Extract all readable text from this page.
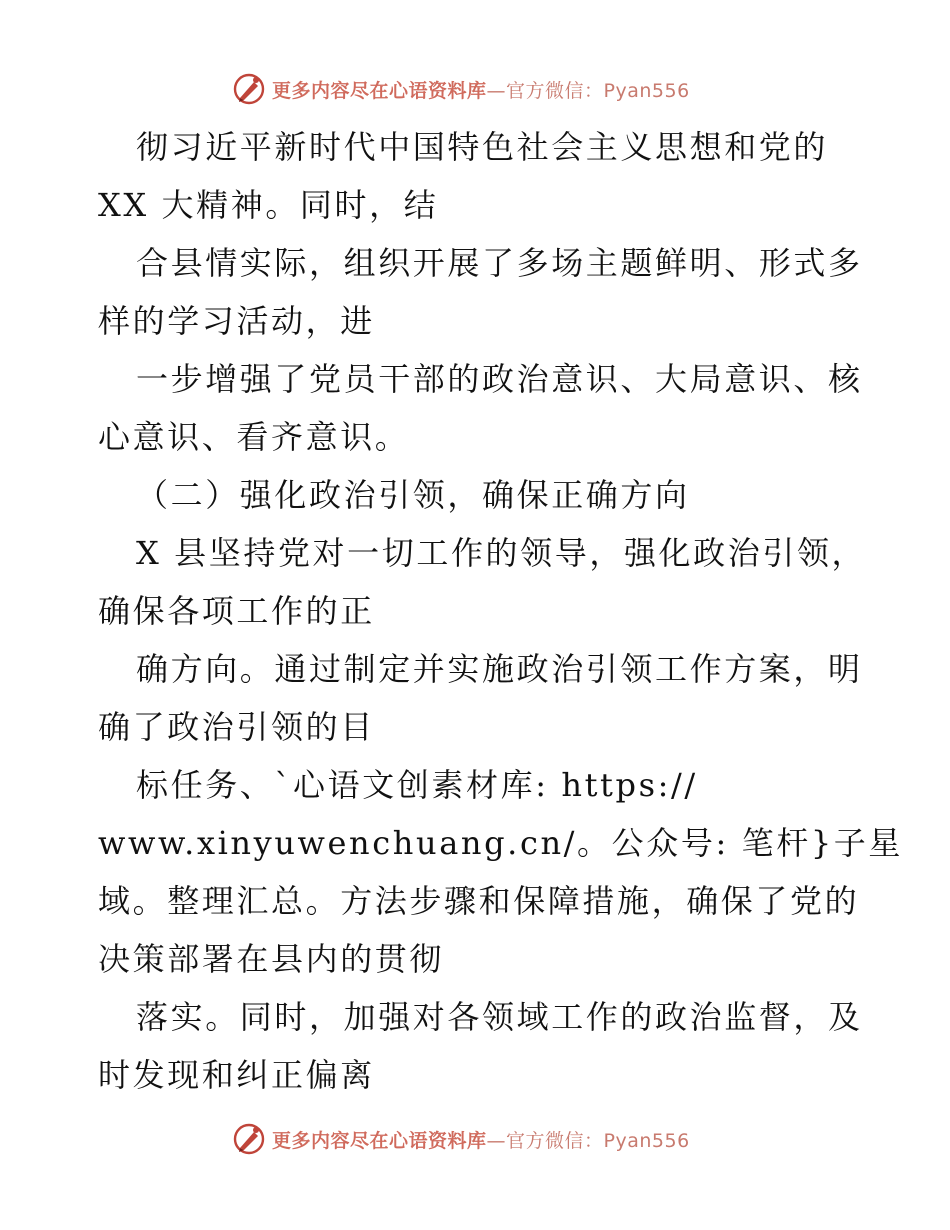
更多内容尽在心语资料库—官方微信：Pyan556
彻习近平新时代中国特色社会主义思想和党的
XX 大精神。同时，结
合县情实际，组织开展了多场主题鲜明、形式多
样的学习活动，进
一步增强了党员干部的政治意识、大局意识、核
心意识、看齐意识。
（二）强化政治引领，确保正确方向
X 县坚持党对一切工作的领导，强化政治引领，
确保各项工作的正
确方向。通过制定并实施政治引领工作方案，明
确了政治引领的目
标任务、`心语文创素材库: https://
www.xinyuwenchuang.cn/。公众号: 笔杆}子星
域。整理汇总。方法步骤和保障措施，确保了党的
决策部署在县内的贯彻
落实。同时，加强对各领域工作的政治监督，及
时发现和纠正偏离
更多内容尽在心语资料库—官方微信：Pyan556
